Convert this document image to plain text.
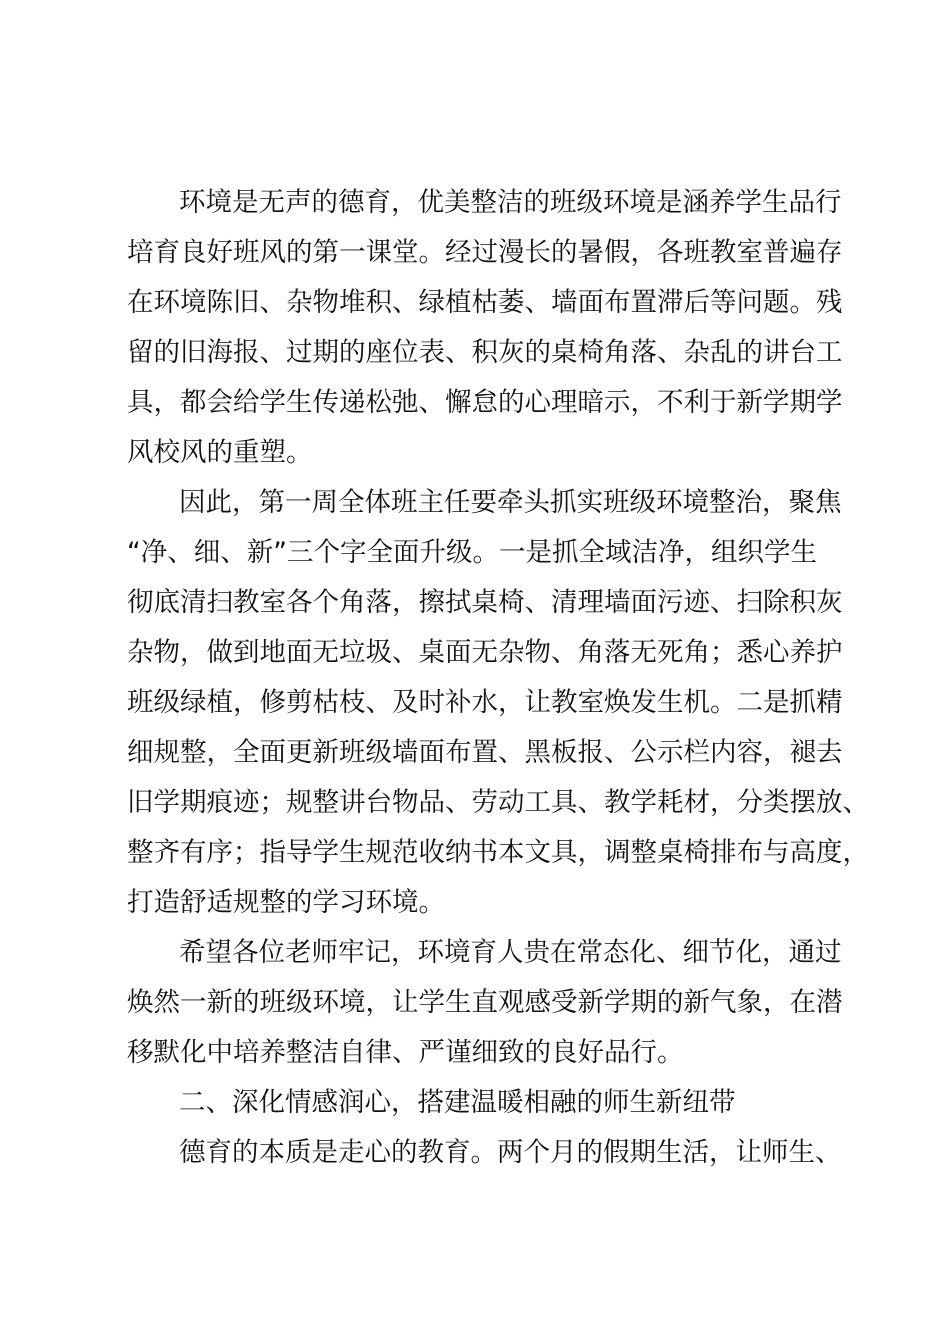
环境是无声的德育，优美整洁的班级环境是涵养学生品行
培育良好班风的第一课堂。经过漫长的暑假，各班教室普遍存
在环境陈旧、杂物堆积、绿植枯萎、墙面布置滞后等问题。残
留的旧海报、过期的座位表、积灰的桌椅角落、杂乱的讲台工
具，都会给学生传递松弛、懈怠的心理暗示，不利于新学期学
风校风的重塑。

因此，第一周全体班主任要牵头抓实班级环境整治，聚焦
“净、细、新”三个字全面升级。一是抓全域洁净，组织学生
彻底清扫教室各个角落，擦拭桌椅、清理墙面污迹、扫除积灰
杂物，做到地面无垃圾、桌面无杂物、角落无死角；悉心养护
班级绿植，修剪枯枝、及时补水，让教室焕发生机。二是抓精
细规整，全面更新班级墙面布置、黑板报、公示栏内容，褪去
旧学期痕迹；规整讲台物品、劳动工具、教学耗材，分类摆放、
整齐有序；指导学生规范收纳书本文具，调整桌椅排布与高度，
打造舒适规整的学习环境。

希望各位老师牢记，环境育人贵在常态化、细节化，通过
焕然一新的班级环境，让学生直观感受新学期的新气象，在潜
移默化中培养整洁自律、严谨细致的良好品行。

二、深化情感润心，搭建温暖相融的师生新纽带

德育的本质是走心的教育。两个月的假期生活，让师生、
